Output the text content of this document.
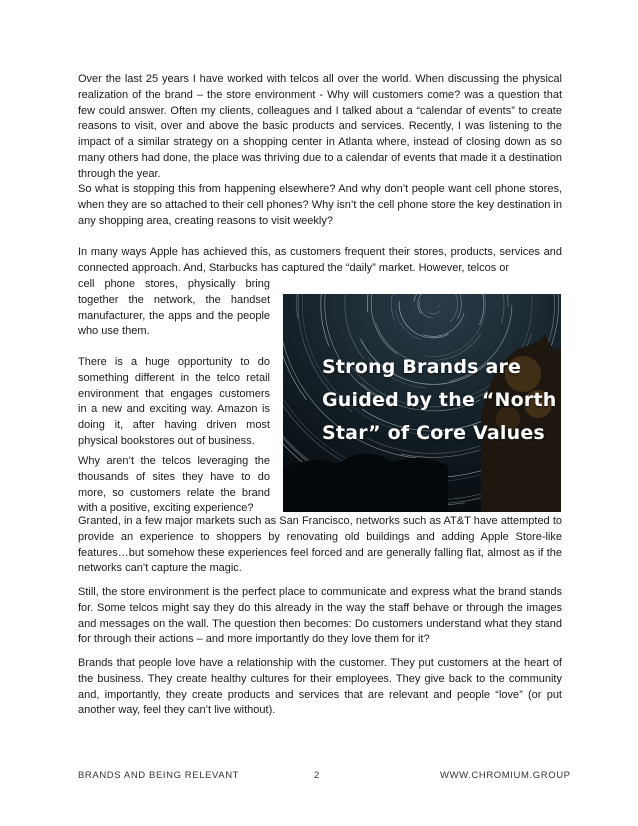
Over the last 25 years I have worked with telcos all over the world. When discussing the physical realization of the brand – the store environment - Why will customers come? was a question that few could answer. Often my clients, colleagues and I talked about a “calendar of events” to create reasons to visit, over and above the basic products and services. Recently, I was listening to the impact of a similar strategy on a shopping center in Atlanta where, instead of closing down as so many others had done, the place was thriving due to a calendar of events that made it a destination through the year.

So what is stopping this from happening elsewhere? And why don’t people want cell phone stores, when they are so attached to their cell phones? Why isn’t the cell phone store the key destination in any shopping area, creating reasons to visit weekly?

In many ways Apple has achieved this, as customers frequent their stores, products, services and connected approach. And, Starbucks has captured the “daily” market. However, telcos or

cell phone stores, physically bring together the network, the handset manufacturer, the apps and the people who use them.

There is a huge opportunity to do something different in the telco retail environment that engages customers in a new and exciting way. Amazon is doing it, after having driven most physical bookstores out of business.

Why aren’t the telcos leveraging the thousands of sites they have to do more, so customers relate the brand with a positive, exciting experience?

Granted, in a few major markets such as San Francisco, networks such as AT&T have attempted to provide an experience to shoppers by renovating old buildings and adding Apple Store-like features…but somehow these experiences feel forced and are generally falling flat, almost as if the networks can’t capture the magic.

Still, the store environment is the perfect place to communicate and express what the brand stands for. Some telcos might say they do this already in the way the staff behave or through the images and messages on the wall. The question then becomes: Do customers understand what they stand for through their actions – and more importantly do they love them for it?

Brands that people love have a relationship with the customer. They put customers at the heart of the business. They create healthy cultures for their employees. They give back to the community and, importantly, they create products and services that are relevant and people “love” (or put another way, feel they can’t live without).

Strong Brands are
Guided by the “North
Star” of Core Values

BRANDS AND BEING RELEVANT	2	WWW.CHROMIUM.GROUP
